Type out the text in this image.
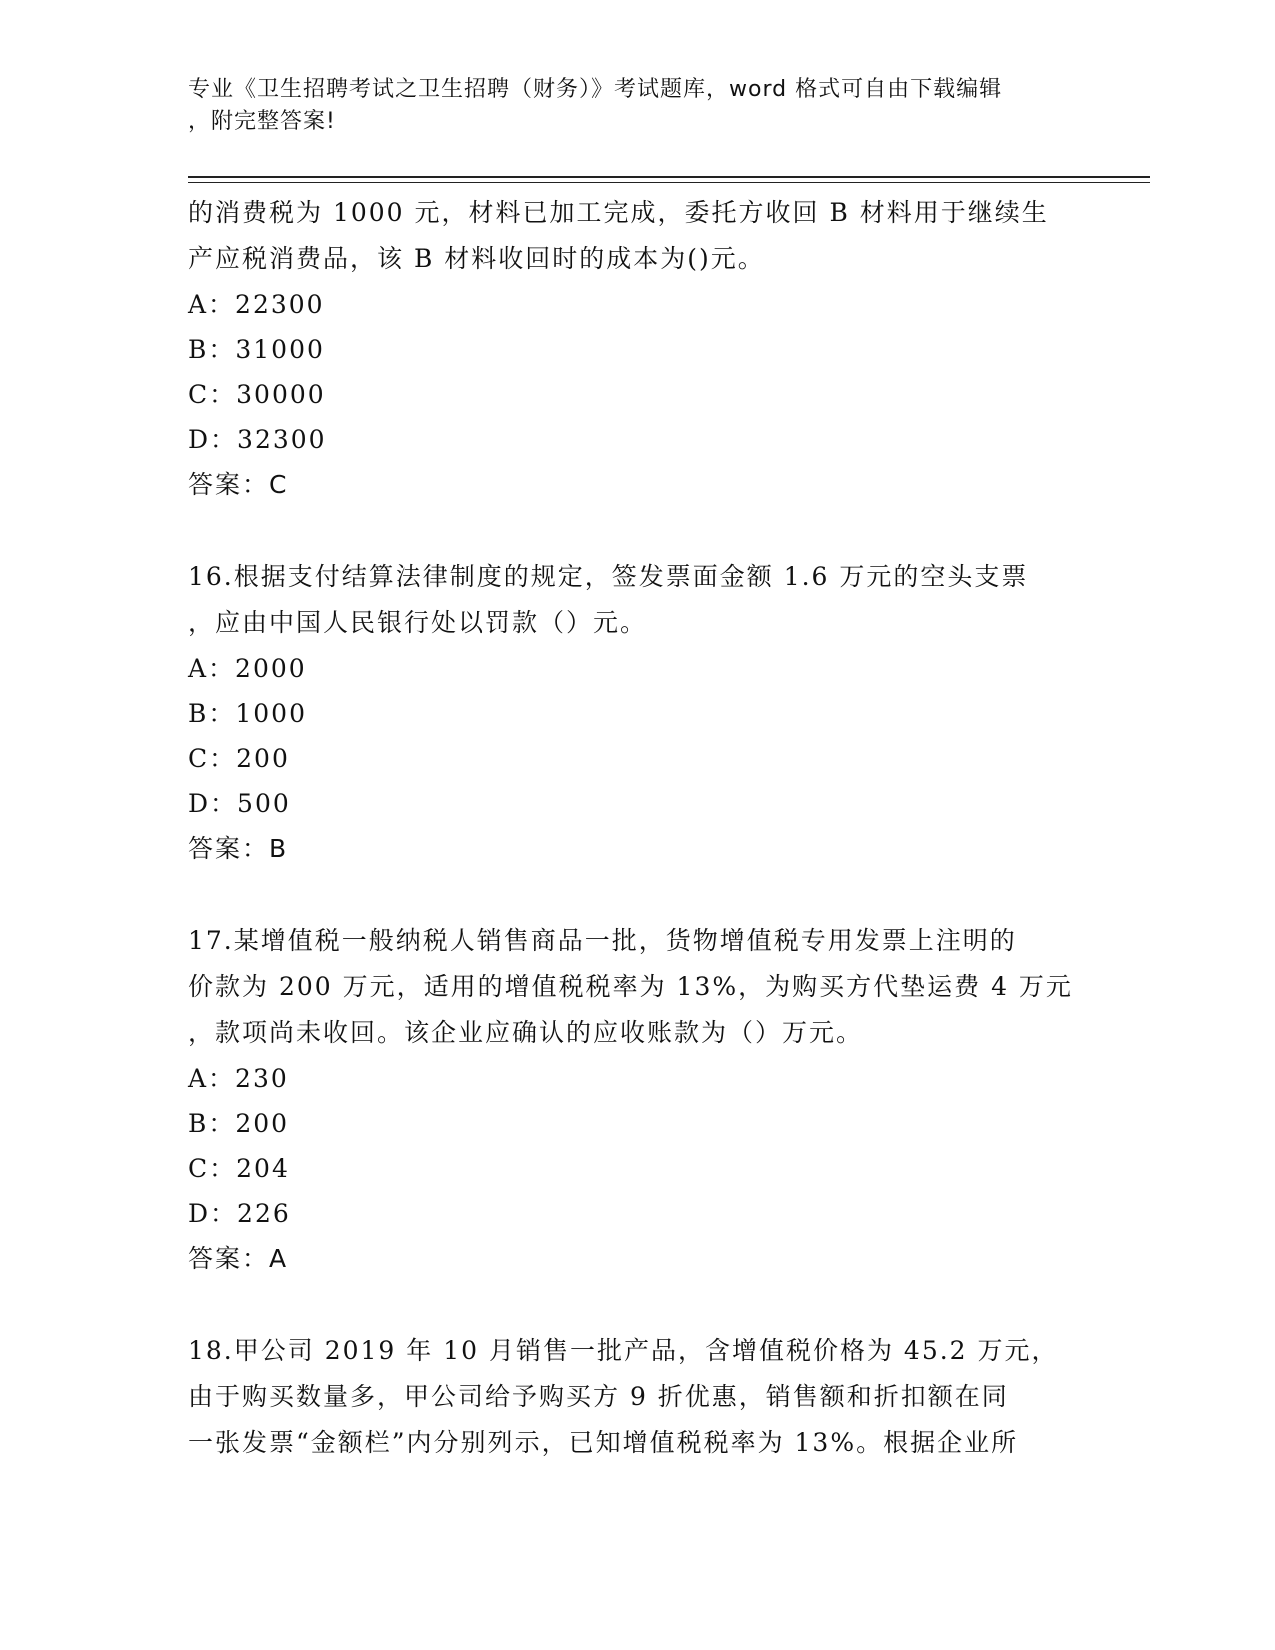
专业《卫生招聘考试之卫生招聘（财务）》考试题库，word 格式可自由下载编辑
，附完整答案!
的消费税为 1000 元，材料已加工完成，委托方收回 B 材料用于继续生
产应税消费品，该 B 材料收回时的成本为()元。
A：22300
B：31000
C：30000
D：32300
答案：C
16.根据支付结算法律制度的规定，签发票面金额 1.6 万元的空头支票
，应由中国人民银行处以罚款（）元。
A：2000
B：1000
C：200
D：500
答案：B
17.某增值税一般纳税人销售商品一批，货物增值税专用发票上注明的
价款为 200 万元，适用的增值税税率为 13%，为购买方代垫运费 4 万元
，款项尚未收回。该企业应确认的应收账款为（）万元。
A：230
B：200
C：204
D：226
答案：A
18.甲公司 2019 年 10 月销售一批产品，含增值税价格为 45.2 万元，
由于购买数量多，甲公司给予购买方 9 折优惠，销售额和折扣额在同
一张发票“金额栏”内分别列示，已知增值税税率为 13%。根据企业所
